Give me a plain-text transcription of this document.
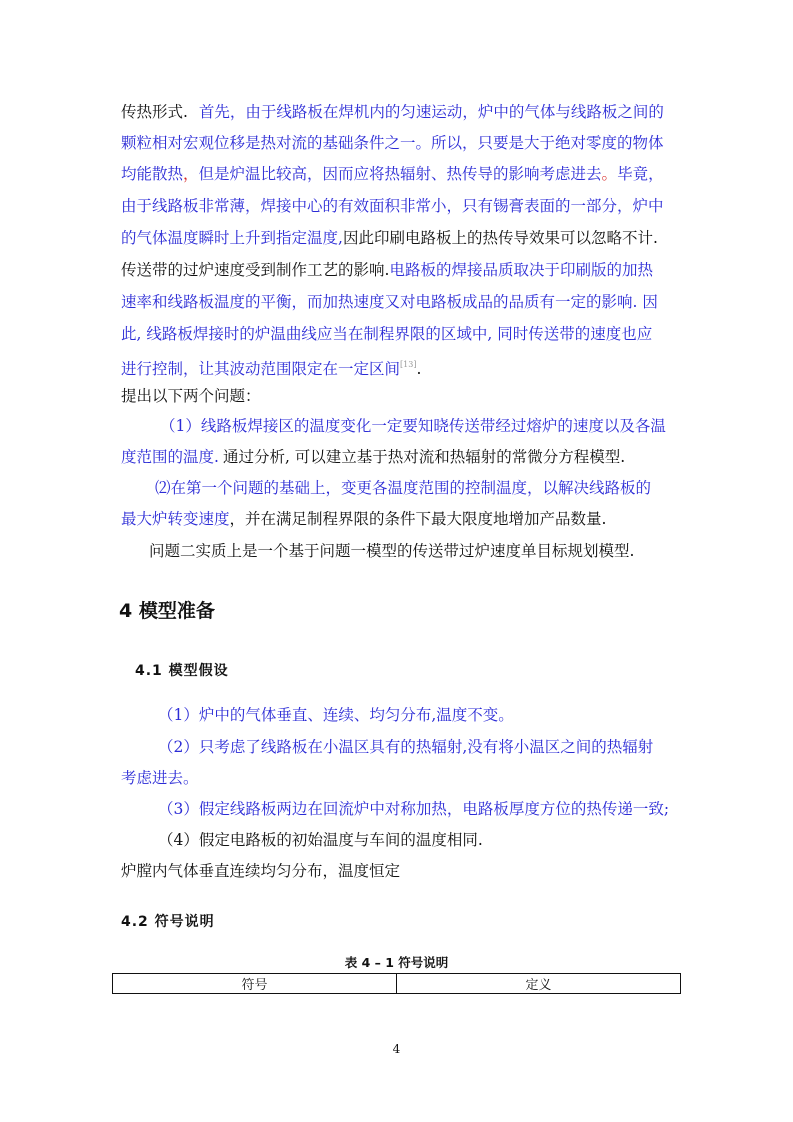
传热形式. 首先，由于线路板在焊机内的匀速运动，炉中的气体与线路板之间的
颗粒相对宏观位移是热对流的基础条件之一。所以，只要是大于绝对零度的物体
均能散热，但是炉温比较高，因而应将热辐射、热传导的影响考虑进去。毕竟，
由于线路板非常薄，焊接中心的有效面积非常小，只有锡膏表面的一部分，炉中
的气体温度瞬时上升到指定温度,因此印刷电路板上的热传导效果可以忽略不计.
传送带的过炉速度受到制作工艺的影响.电路板的焊接品质取决于印刷版的加热
速率和线路板温度的平衡，而加热速度又对电路板成品的品质有一定的影响. 因
此, 线路板焊接时的炉温曲线应当在制程界限的区域中, 同时传送带的速度也应
进行控制，让其波动范围限定在一定区间[13].
提出以下两个问题：
（1）线路板焊接区的温度变化一定要知晓传送带经过熔炉的速度以及各温
度范围的温度. 通过分析, 可以建立基于热对流和热辐射的常微分方程模型.
⑵在第一个问题的基础上，变更各温度范围的控制温度，以解决线路板的
最大炉转变速度，并在满足制程界限的条件下最大限度地增加产品数量.
问题二实质上是一个基于问题一模型的传送带过炉速度单目标规划模型.
4 模型准备
4.1 模型假设
（1）炉中的气体垂直、连续、均匀分布,温度不变。
（2）只考虑了线路板在小温区具有的热辐射,没有将小温区之间的热辐射
考虑进去。
（3）假定线路板两边在回流炉中对称加热，电路板厚度方位的热传递一致;
（4）假定电路板的初始温度与车间的温度相同.
炉膛内气体垂直连续均匀分布，温度恒定
4.2 符号说明
表 4 – 1 符号说明
符号	定义
4
